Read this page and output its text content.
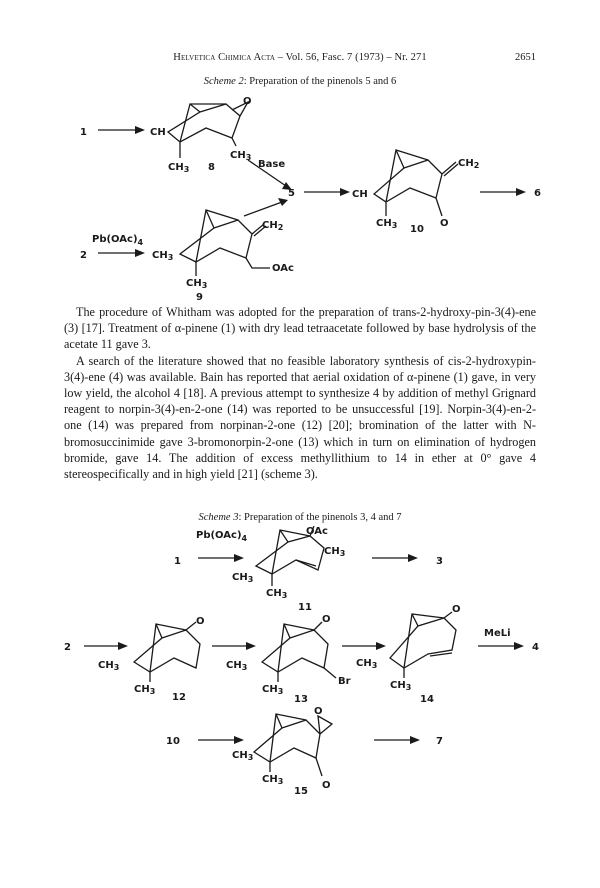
Helvetica Chimica Acta – Vol. 56, Fasc. 7 (1973) – Nr. 271	2651
Scheme 2: Preparation of the pinenols 5 and 6
1	CH
O
$CH_3$
$CH_3$ 8	Base
5	CH
$CH_2$
O
$CH_3$ 10
6
$Pb(OAc)_4$
2	$CH_3$
$CH_2$
OAc
$CH_3$
9

The procedure of Whitham was adopted for the preparation of trans-2-hydroxy-pin-3(4)-ene (3) [17]. Treatment of α-pinene (1) with dry lead tetraacetate followed by base hydrolysis of the acetate 11 gave 3.

A search of the literature showed that no feasible laboratory synthesis of cis-2-hydroxypin-3(4)-ene (4) was available. Bain has reported that aerial oxidation of α-pinene (1) gave, in very low yield, the alcohol 4 [18]. A previous attempt to synthesize 4 by addition of methyl Grignard reagent to norpin-3(4)-en-2-one (14) was reported to be unsuccessful [19]. Norpin-3(4)-en-2-one (14) was prepared from norpinan-2-one (12) [20]; bromination of the latter with N-bromosuccinimide gave 3-bromonorpin-2-one (13) which in turn on elimination of hydrogen bromide, gave 14. The addition of excess methyllithium to 14 in ether at 0° gave 4 stereospecifically and in high yield [21] (scheme 3).

Scheme 3: Preparation of the pinenols 3, 4 and 7
$Pb(OAc)_4$
1
OAc
$CH_3$
$CH_3$
$CH_3$
11
3
2
O
$CH_3$
$CH_3$
12
O
Br
$CH_3$
$CH_3$
13
O
$CH_3$
$CH_3$
14
MeLi
4
10
O
O
$CH_3$
$CH_3$
15
7
